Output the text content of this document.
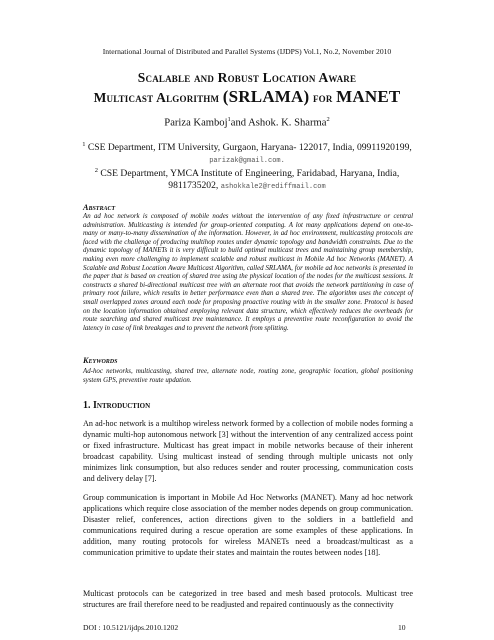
International Journal of Distributed and Parallel Systems (IJDPS) Vol.1, No.2, November 2010
Scalable and Robust Location Aware
Multicast Algorithm (SRLAMA) for MANET
Pariza Kamboj$^1$and Ashok. K. Sharma$^2$
$^1$ CSE Department, ITM University, Gurgaon, Haryana- 122017, India, 09911920199,
parizak@gmail.com.
$^2$ CSE Department, YMCA Institute of Engineering, Faridabad, Haryana, India,
9811735202, ashokkale2@rediffmail.com
Abstract
An ad hoc network is composed of mobile nodes without the intervention of any fixed infrastructure or central administration. Multicasting is intended for group-oriented computing. A lot many applications depend on one-to-many or many-to-many dissemination of the information. However, in ad hoc environment, multicasting protocols are faced with the challenge of producing multihop routes under dynamic topology and bandwidth constraints. Due to the dynamic topology of MANETs it is very difficult to build optimal multicast trees and maintaining group membership, making even more challenging to implement scalable and robust multicast in Mobile Ad hoc Networks (MANET). A Scalable and Robust Location Aware Multicast Algorithm, called SRLAMA, for mobile ad hoc networks is presented in the paper that is based on creation of shared tree using the physical location of the nodes for the multicast sessions. It constructs a shared bi-directional multicast tree with an alternate root that avoids the network partitioning in case of primary root failure, which results in better performance even than a shared tree. The algorithm uses the concept of small overlapped zones around each node for proposing proactive routing with in the smaller zone. Protocol is based on the location information obtained employing relevant data structure, which effectively reduces the overheads for route searching and shared multicast tree maintenance. It employs a preventive route reconfiguration to avoid the latency in case of link breakages and to prevent the network from splitting.
Keywords
Ad-hoc networks, multicasting, shared tree, alternate node, routing zone, geographic location, global positioning system GPS, preventive route updation.
1. Introduction
An ad-hoc network is a multihop wireless network formed by a collection of mobile nodes forming a dynamic multi-hop autonomous network [3] without the intervention of any centralized access point or fixed infrastructure. Multicast has great impact in mobile networks because of their inherent broadcast capability. Using multicast instead of sending through multiple unicasts not only minimizes link consumption, but also reduces sender and router processing, communication costs and delivery delay [7].
Group communication is important in Mobile Ad Hoc Networks (MANET). Many ad hoc network applications which require close association of the member nodes depends on group communication. Disaster relief, conferences, action directions given to the soldiers in a battlefield and communications required during a rescue operation are some examples of these applications. In addition, many routing protocols for wireless MANETs need a broadcast/multicast as a communication primitive to update their states and maintain the routes between nodes [18].
Multicast protocols can be categorized in tree based and mesh based protocols. Multicast tree structures are frail therefore need to be readjusted and repaired continuously as the connectivity
DOI : 10.5121/ijdps.2010.1202	10
